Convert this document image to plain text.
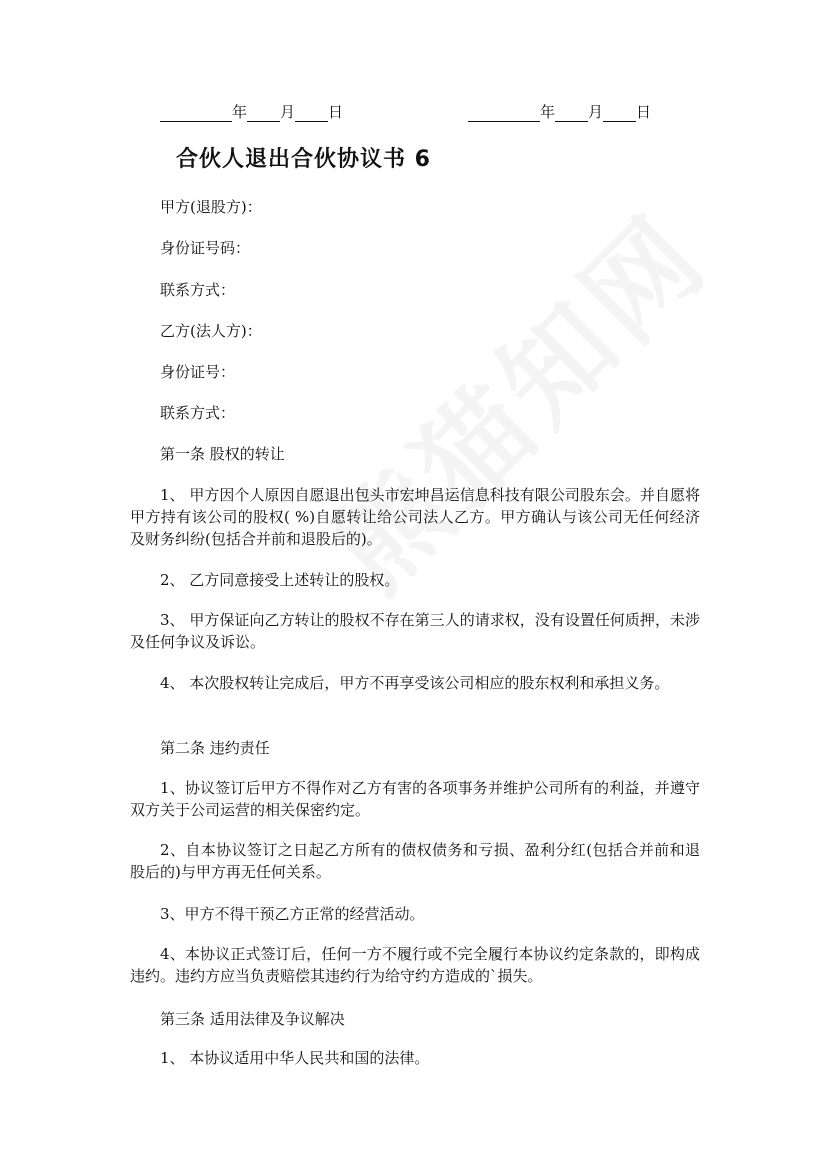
年 月 日	年 月 日
合伙人退出合伙协议书 6
甲方(退股方)：
身份证号码：
联系方式：
乙方(法人方)：
身份证号：
联系方式：
第一条 股权的转让
1、 甲方因个人原因自愿退出包头市宏坤昌运信息科技有限公司股东会。并自愿将甲方持有该公司的股权( %)自愿转让给公司法人乙方。甲方确认与该公司无任何经济及财务纠纷(包括合并前和退股后的)。
2、 乙方同意接受上述转让的股权。
3、 甲方保证向乙方转让的股权不存在第三人的请求权，没有设置任何质押，未涉及任何争议及诉讼。
4、 本次股权转让完成后，甲方不再享受该公司相应的股东权利和承担义务。
第二条 违约责任
1、协议签订后甲方不得作对乙方有害的各项事务并维护公司所有的利益，并遵守双方关于公司运营的相关保密约定。
2、自本协议签订之日起乙方所有的债权债务和亏损、盈利分红(包括合并前和退股后的)与甲方再无任何关系。
3、甲方不得干预乙方正常的经营活动。
4、本协议正式签订后，任何一方不履行或不完全履行本协议约定条款的，即构成违约。违约方应当负责赔偿其违约行为给守约方造成的`损失。
第三条 适用法律及争议解决
1、 本协议适用中华人民共和国的法律。
